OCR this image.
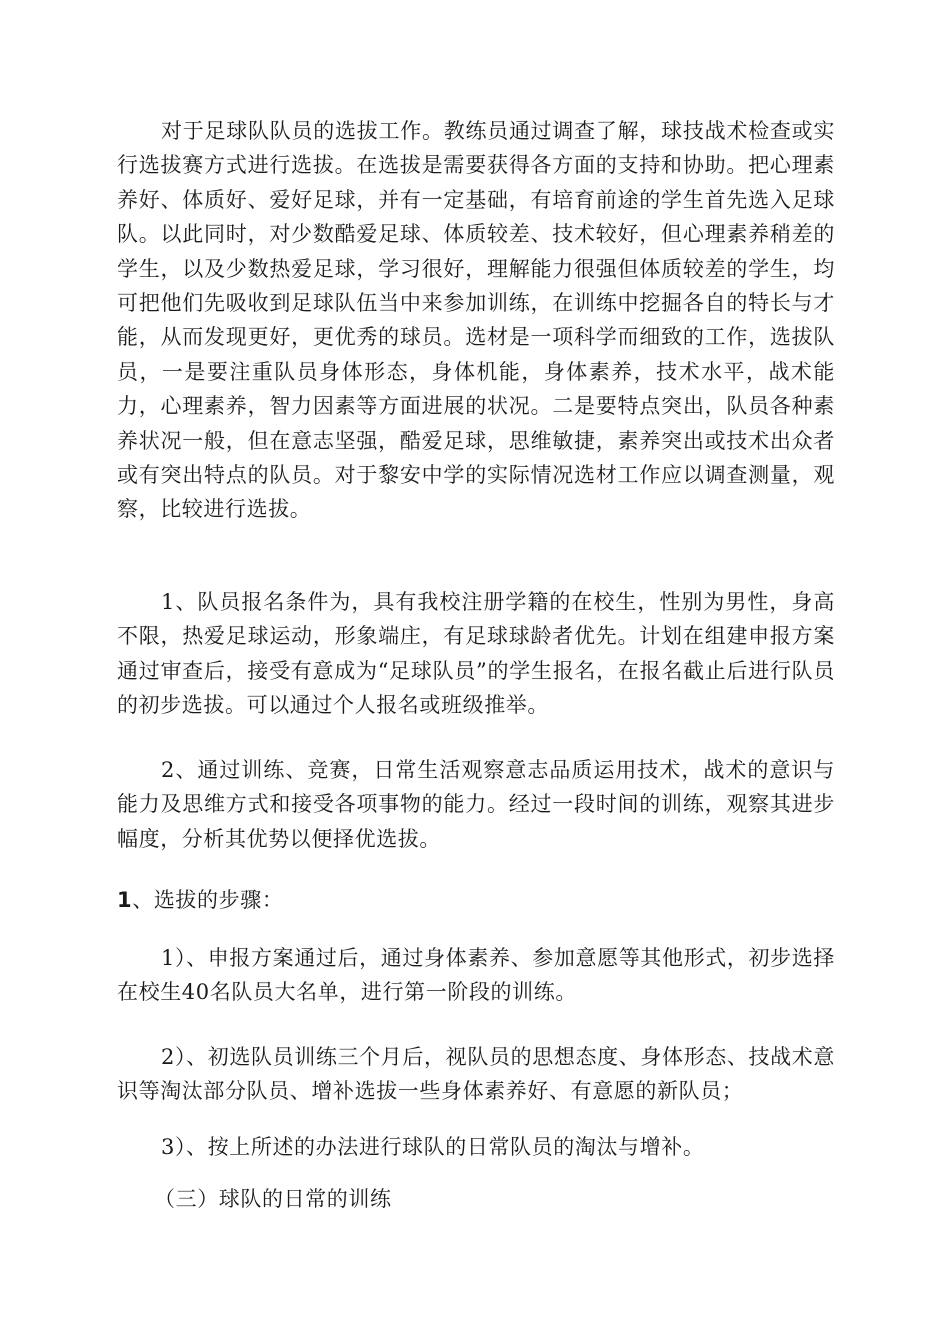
对于足球队队员的选拔工作。教练员通过调查了解，球技战术检查或实行选拔赛方式进行选拔。在选拔是需要获得各方面的支持和协助。把心理素养好、体质好、爱好足球，并有一定基础，有培育前途的学生首先选入足球队。以此同时，对少数酷爱足球、体质较差、技术较好，但心理素养稍差的学生，以及少数热爱足球，学习很好，理解能力很强但体质较差的学生，均可把他们先吸收到足球队伍当中来参加训练，在训练中挖掘各自的特长与才能，从而发现更好，更优秀的球员。选材是一项科学而细致的工作，选拔队员，一是要注重队员身体形态，身体机能，身体素养，技术水平，战术能力，心理素养，智力因素等方面进展的状况。二是要特点突出，队员各种素养状况一般，但在意志坚强，酷爱足球，思维敏捷，素养突出或技术出众者或有突出特点的队员。对于黎安中学的实际情况选材工作应以调查测量，观察，比较进行选拔。

1、队员报名条件为，具有我校注册学籍的在校生，性别为男性，身高不限，热爱足球运动，形象端庄，有足球球龄者优先。计划在组建申报方案通过审查后，接受有意成为“足球队员”的学生报名，在报名截止后进行队员的初步选拔。可以通过个人报名或班级推举。

2、通过训练、竞赛，日常生活观察意志品质运用技术，战术的意识与能力及思维方式和接受各项事物的能力。经过一段时间的训练，观察其进步幅度，分析其优势以便择优选拔。

1、选拔的步骤：

1）、申报方案通过后，通过身体素养、参加意愿等其他形式，初步选择在校生40名队员大名单，进行第一阶段的训练。

2）、初选队员训练三个月后，视队员的思想态度、身体形态、技战术意识等淘汰部分队员、增补选拔一些身体素养好、有意愿的新队员；

3）、按上所述的办法进行球队的日常队员的淘汰与增补。

（三）球队的日常的训练
